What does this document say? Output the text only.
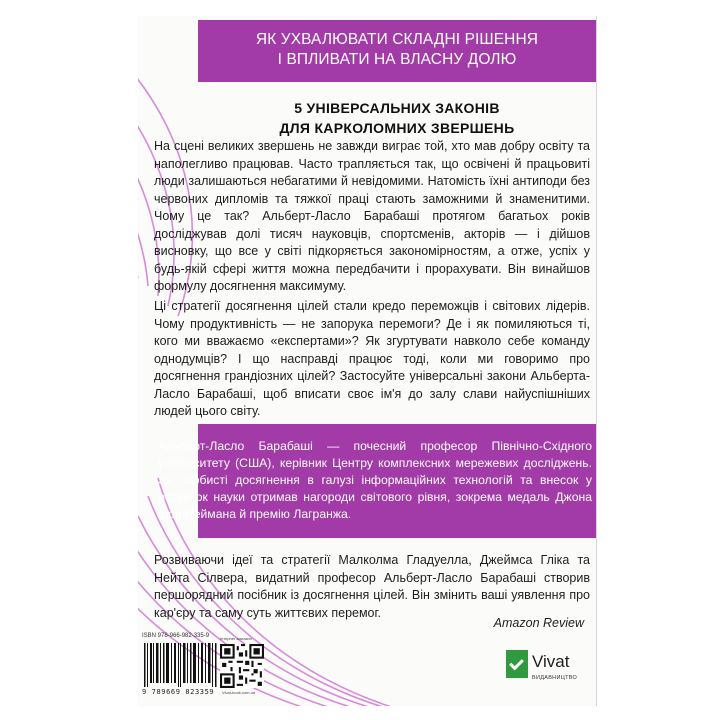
ЯК УХВАЛЮВАТИ СКЛАДНІ РІШЕННЯ
І ВПЛИВАТИ НА ВЛАСНУ ДОЛЮ
5 УНІВЕРСАЛЬНИХ ЗАКОНІВ
ДЛЯ КАРКОЛОМНИХ ЗВЕРШЕНЬ

На сцені великих звершень не завжди виграє той, хто мав добру освіту та наполегливо працював. Часто трапляється так, що освічені й працьовиті люди залишаються небагатими й невідомими. Натомість їхні антиподи без червоних дипломів та тяжкої праці стають заможними й знаменитими. Чому це так? Альберт-Ласло Барабаші протягом багатьох років досліджував долі тисяч науковців, спортсменів, акторів — і дійшов висновку, що все у світі підкоряється закономірностям, а отже, успіх у будь-якій сфері життя можна передбачити і прорахувати. Він винайшов формулу досягнення максимуму.

Ці стратегії досягнення цілей стали кредо переможців і світових лідерів. Чому продуктивність — не запорука перемоги? Де і як помиляються ті, кого ми вважаємо «експертами»? Як згуртувати навколо себе команду однодумців? І що насправді працює тоді, коли ми говоримо про досягнення грандіозних цілей? Застосуйте універсальні закони Альберта-Ласло Барабаші, щоб вписати своє ім'я до залу слави найуспішніших людей цього світу.

Альберт-Ласло Барабаші — почесний професор Північно-Східного університету (США), керівник Центру комплексних мережевих досліджень. За особисті досягнення в галузі інформаційних технологій та внесок у розвиток науки отримав нагороди світового рівня, зокрема медаль Джона фон Неймана й премію Лагранжа.

Розвиваючи ідеї та стратегії Малколма Гладуелла, Джеймса Гліка та Нейта Сілвера, видатний професор Альберт-Ласло Барабаші створив першорядний посібник із досягнення цілей. Він змінить ваші уявлення про кар'єру та саму суть життєвих перемог.

Amazon Review
ISBN 978-966-982-335-9
9 789669 823359
Інтернет-магазин
Vivat-book.com.ua
Vivat
ВИДАВНИЦТВО
